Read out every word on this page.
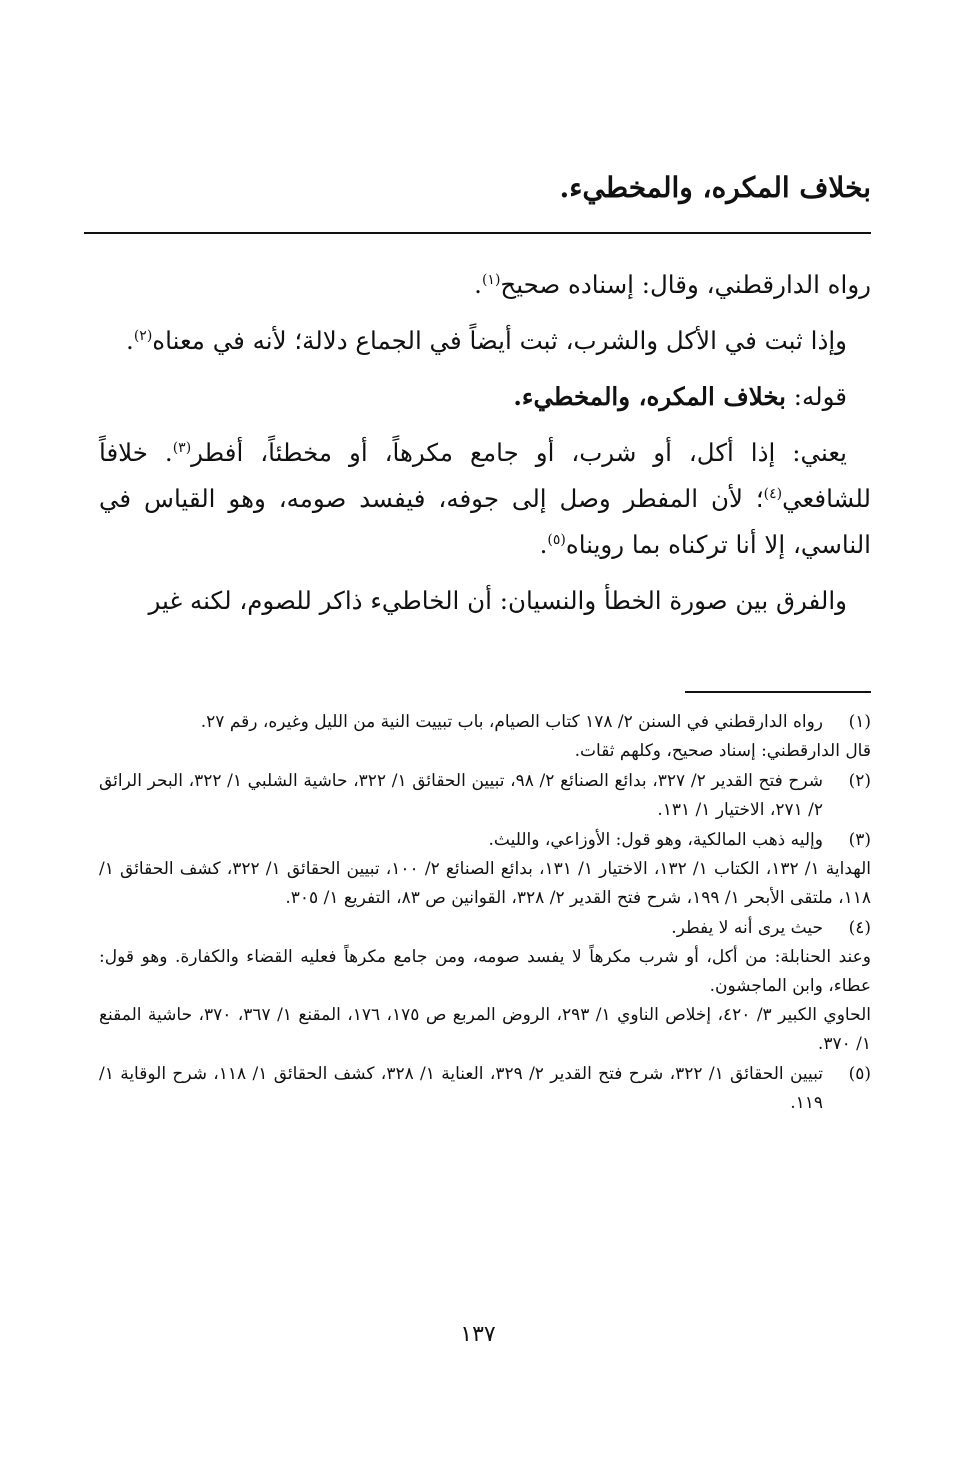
بخلاف المكره، والمخطيء.

رواه الدارقطني، وقال: إسناده صحيح$^{(١)}$.

وإذا ثبت في الأكل والشرب، ثبت أيضاً في الجماع دلالة؛ لأنه في معناه$^{(٢)}$.

قوله: بخلاف المكره، والمخطيء.

يعني: إذا أكل، أو شرب، أو جامع مكرهاً، أو مخطئاً، أفطر$^{(٣)}$. خلافاً للشافعي$^{(٤)}$؛ لأن المفطر وصل إلى جوفه، فيفسد صومه، وهو القياس في الناسي، إلا أنا تركناه بما رويناه$^{(٥)}$.

والفرق بين صورة الخطأ والنسيان: أن الخاطيء ذاكر للصوم، لكنه غير

(١)
رواه الدارقطني في السنن ٢/ ١٧٨ كتاب الصيام، باب تبييت النية من الليل وغيره، رقم ٢٧.
قال الدارقطني: إسناد صحيح، وكلهم ثقات.
(٢)
شرح فتح القدير ٢/ ٣٢٧، بدائع الصنائع ٢/ ٩٨، تبيين الحقائق ١/ ٣٢٢، حاشية الشلبي ١/ ٣٢٢، البحر الرائق ٢/ ٢٧١، الاختيار ١/ ١٣١.
(٣)
وإليه ذهب المالكية، وهو قول: الأوزاعي، والليث.
الهداية ١/ ١٣٢، الكتاب ١/ ١٣٢، الاختيار ١/ ١٣١، بدائع الصنائع ٢/ ١٠٠، تبيين الحقائق ١/ ٣٢٢، كشف الحقائق ١/ ١١٨، ملتقى الأبحر ١/ ١٩٩، شرح فتح القدير ٢/ ٣٢٨، القوانين ص ٨٣، التفريع ١/ ٣٠٥.
(٤)
حيث يرى أنه لا يفطر.
وعند الحنابلة: من أكل، أو شرب مكرهاً لا يفسد صومه، ومن جامع مكرهاً فعليه القضاء والكفارة. وهو قول: عطاء، وابن الماجشون.
الحاوي الكبير ٣/ ٤٢٠، إخلاص الناوي ١/ ٢٩٣، الروض المربع ص ١٧٥، ١٧٦، المقنع ١/ ٣٦٧، ٣٧٠، حاشية المقنع ١/ ٣٧٠.
(٥)
تبيين الحقائق ١/ ٣٢٢، شرح فتح القدير ٢/ ٣٢٩، العناية ١/ ٣٢٨، كشف الحقائق ١/ ١١٨، شرح الوقاية ١/ ١١٩.
١٣٧
